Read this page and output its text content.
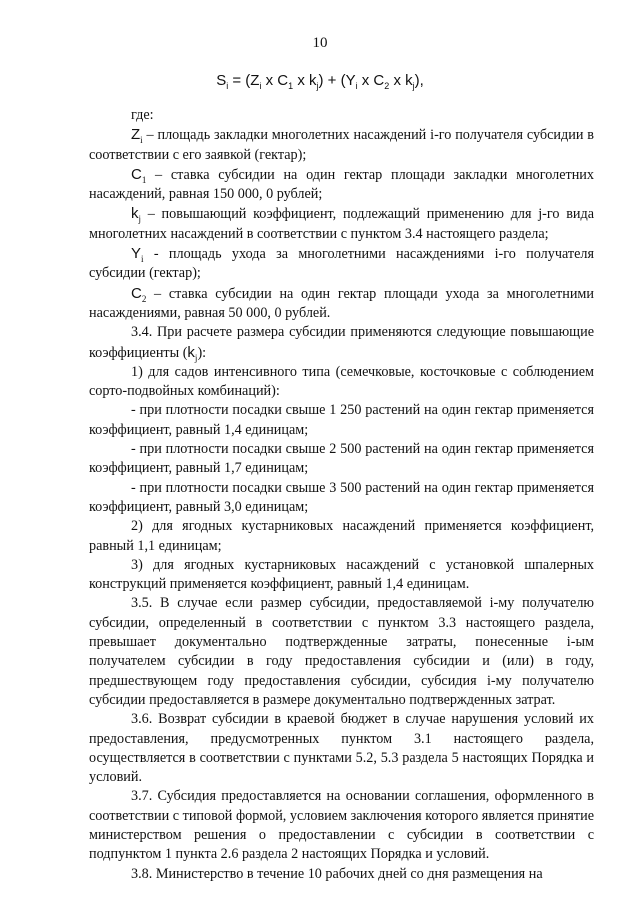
10
$S_i = (Z_i$ x $C_1$ x $k_j) + (Y_i$ x $C_2$ x $k_j$),

где:

$Z_i$ – площадь закладки многолетних насаждений i-го получателя субсидии в соответствии с его заявкой (гектар);

$C_1$ – ставка субсидии на один гектар площади закладки многолетних насаждений, равная 150 000, 0 рублей;

$k_j$ – повышающий коэффициент, подлежащий применению для j-го вида многолетних насаждений в соответствии с пунктом 3.4 настоящего раздела;

$Y_i$ - площадь ухода за многолетними насаждениями i-го получателя субсидии (гектар);

$C_2$ – ставка субсидии на один гектар площади ухода за многолетними насаждениями, равная 50 000, 0 рублей.

3.4. При расчете размера субсидии применяются следующие повышающие коэффициенты $(k_j)$:

1) для садов интенсивного типа (семечковые, косточковые с соблюдением сорто-подвойных комбинаций):

- при плотности посадки свыше 1 250 растений на один гектар применяется коэффициент, равный 1,4 единицам;

- при плотности посадки свыше 2 500 растений на один гектар применяется коэффициент, равный 1,7 единицам;

- при плотности посадки свыше 3 500 растений на один гектар применяется коэффициент, равный 3,0 единицам;

2) для ягодных кустарниковых насаждений применяется коэффициент, равный 1,1 единицам;

3) для ягодных кустарниковых насаждений с установкой шпалерных конструкций применяется коэффициент, равный 1,4 единицам.

3.5. В случае если размер субсидии, предоставляемой i-му получателю субсидии, определенный в соответствии с пунктом 3.3 настоящего раздела, превышает документально подтвержденные затраты, понесенные i-ым получателем субсидии в году предоставления субсидии и (или) в году, предшествующем году предоставления субсидии, субсидия i-му получателю субсидии предоставляется в размере документально подтвержденных затрат.

3.6. Возврат субсидии в краевой бюджет в случае нарушения условий их предоставления, предусмотренных пунктом 3.1 настоящего раздела, осуществляется в соответствии с пунктами 5.2, 5.3 раздела 5 настоящих Порядка и условий.

3.7. Субсидия предоставляется на основании соглашения, оформленного в соответствии с типовой формой, условием заключения которого является принятие министерством решения о предоставлении с субсидии в соответствии с подпунктом 1 пункта 2.6 раздела 2 настоящих Порядка и условий.

3.8. Министерство в течение 10 рабочих дней со дня размещения на
